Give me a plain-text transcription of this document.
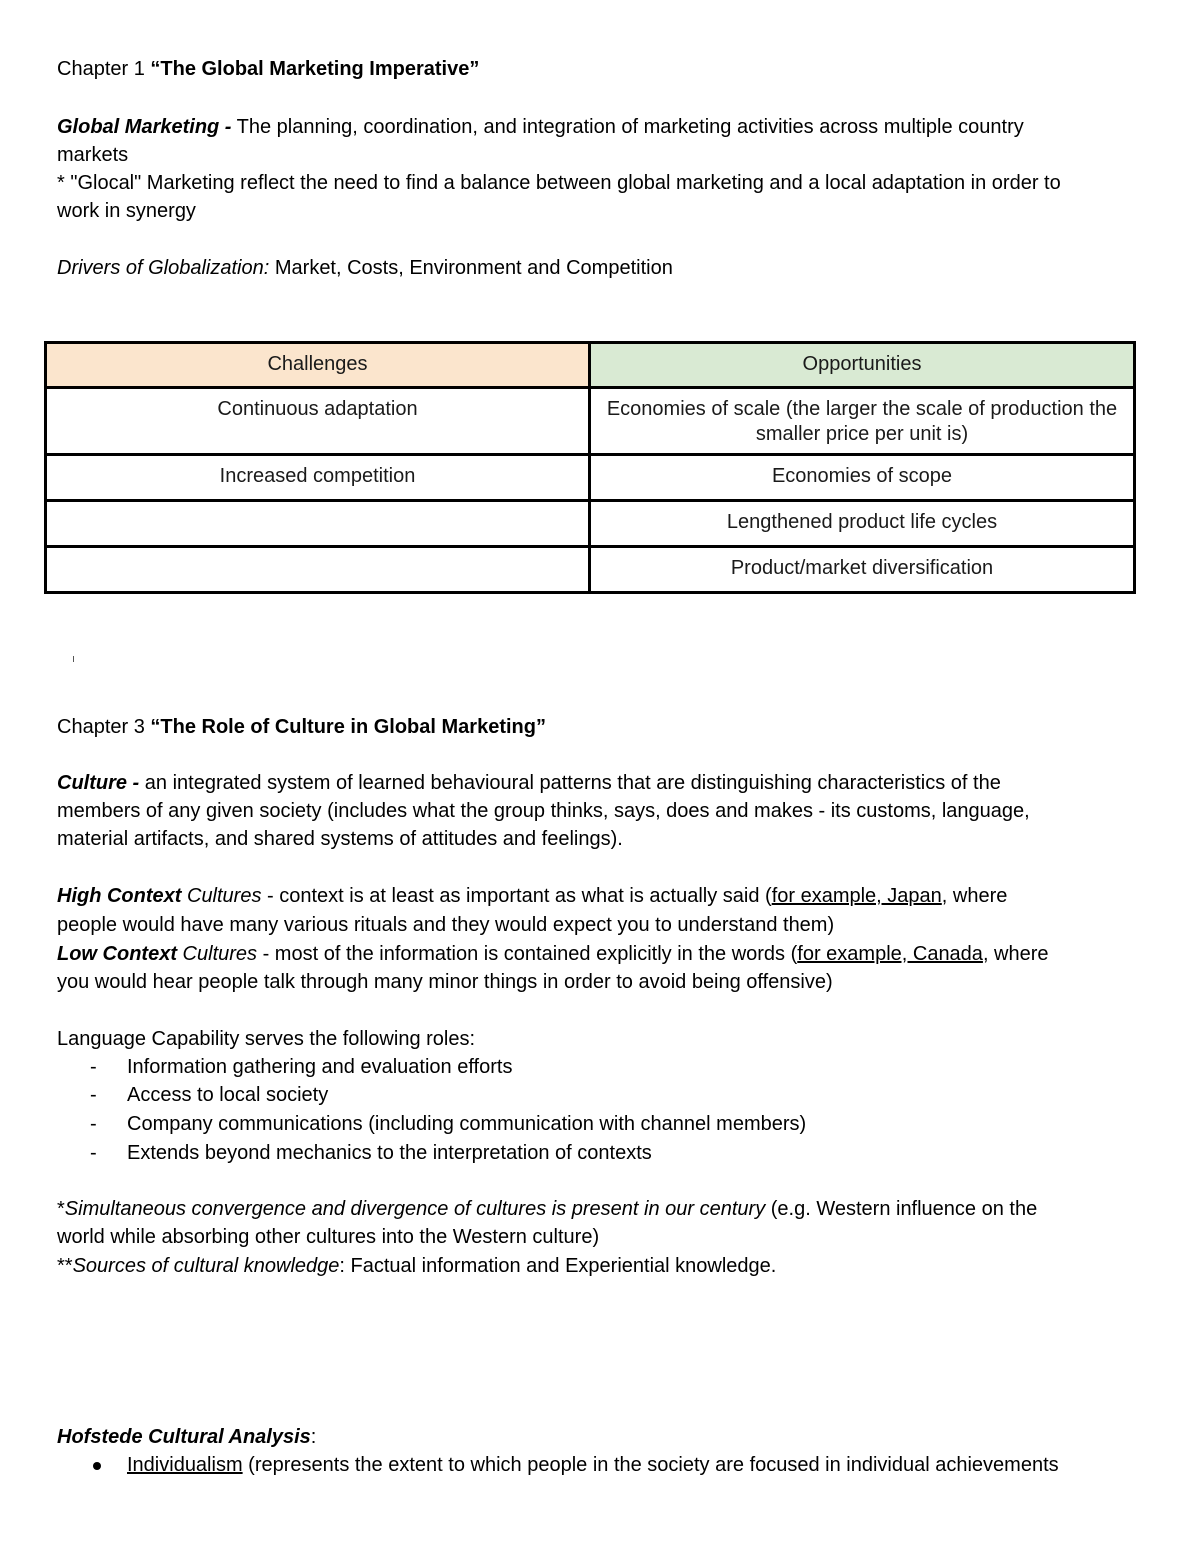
Chapter 1 “The Global Marketing Imperative”
Global Marketing - The planning, coordination, and integration of marketing activities across multiple country
markets
* "Glocal" Marketing reflect the need to find a balance between global marketing and a local adaptation in order to
work in synergy
Drivers of Globalization: Market, Costs, Environment and Competition
Challenges	Opportunities
Continuous adaptation	Economies of scale (the larger the scale of production the smaller price per unit is)
Increased competition	Economies of scope
	Lengthened product life cycles
	Product/market diversification
Chapter 3 “The Role of Culture in Global Marketing”
Culture - an integrated system of learned behavioural patterns that are distinguishing characteristics of the
members of any given society (includes what the group thinks, says, does and makes - its customs, language,
material artifacts, and shared systems of attitudes and feelings).
High Context Cultures - context is at least as important as what is actually said (for example, Japan, where
people would have many various rituals and they would expect you to understand them)
Low Context Cultures - most of the information is contained explicitly in the words (for example, Canada, where
you would hear people talk through many minor things in order to avoid being offensive)
Language Capability serves the following roles:
- Information gathering and evaluation efforts
- Access to local society
- Company communications (including communication with channel members)
- Extends beyond mechanics to the interpretation of contexts
*Simultaneous convergence and divergence of cultures is present in our century (e.g. Western influence on the
world while absorbing other cultures into the Western culture)
**Sources of cultural knowledge: Factual information and Experiential knowledge.
Hofstede Cultural Analysis:
Individualism (represents the extent to which people in the society are focused in individual achievements
